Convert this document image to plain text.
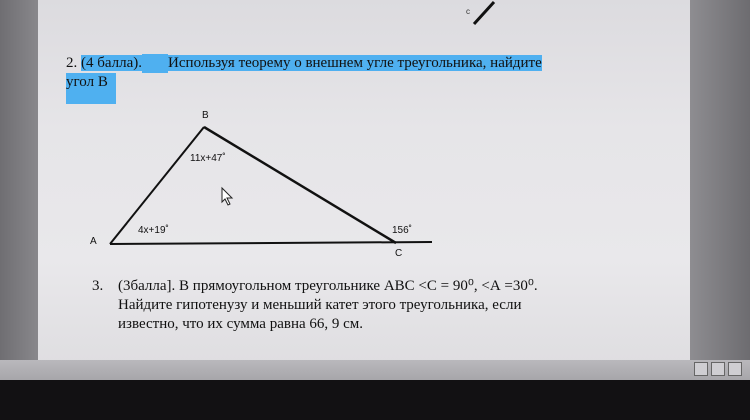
с
2. (4 балла). Используя теорему о внешнем угле треугольника, найдите
угол В
B
A
C
11x+47˚
4x+19˚	156˚
3. (3балла]. В прямоугольном треугольнике АВС <С = 90⁰, <А =30⁰.
Найдите гипотенузу и меньший катет этого треугольника, если
известно, что их сумма равна 66, 9 см.
